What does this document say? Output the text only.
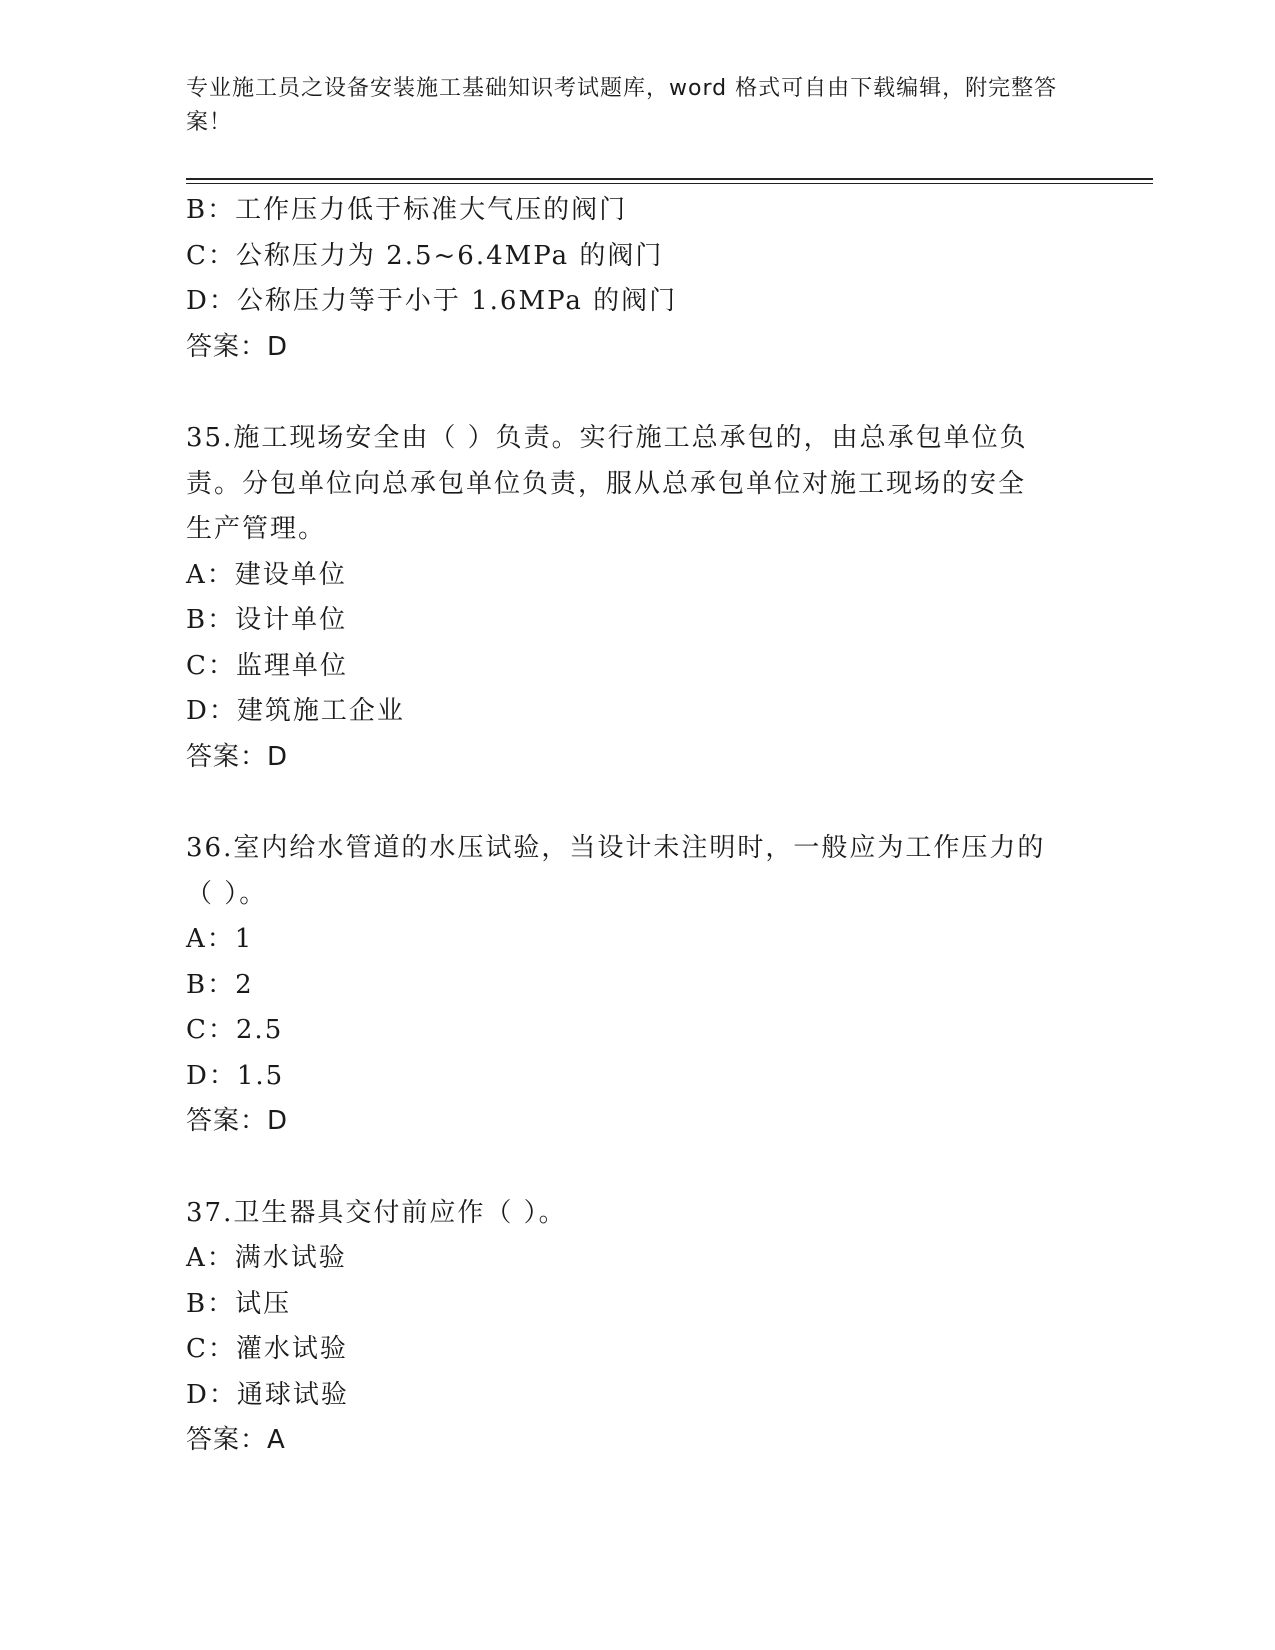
专业施工员之设备安装施工基础知识考试题库，word 格式可自由下载编辑，附完整答案！
B：工作压力低于标准大气压的阀门
C：公称压力为 2.5~6.4MPa 的阀门
D：公称压力等于小于 1.6MPa 的阀门
答案：D
35.施工现场安全由（ ）负责。实行施工总承包的，由总承包单位负
责。分包单位向总承包单位负责，服从总承包单位对施工现场的安全
生产管理。
A：建设单位
B：设计单位
C：监理单位
D：建筑施工企业
答案：D
36.室内给水管道的水压试验，当设计未注明时，一般应为工作压力的
（ ）。
A：1
B：2
C：2.5
D：1.5
答案：D
37.卫生器具交付前应作（ ）。
A：满水试验
B：试压
C：灌水试验
D：通球试验
答案：A
